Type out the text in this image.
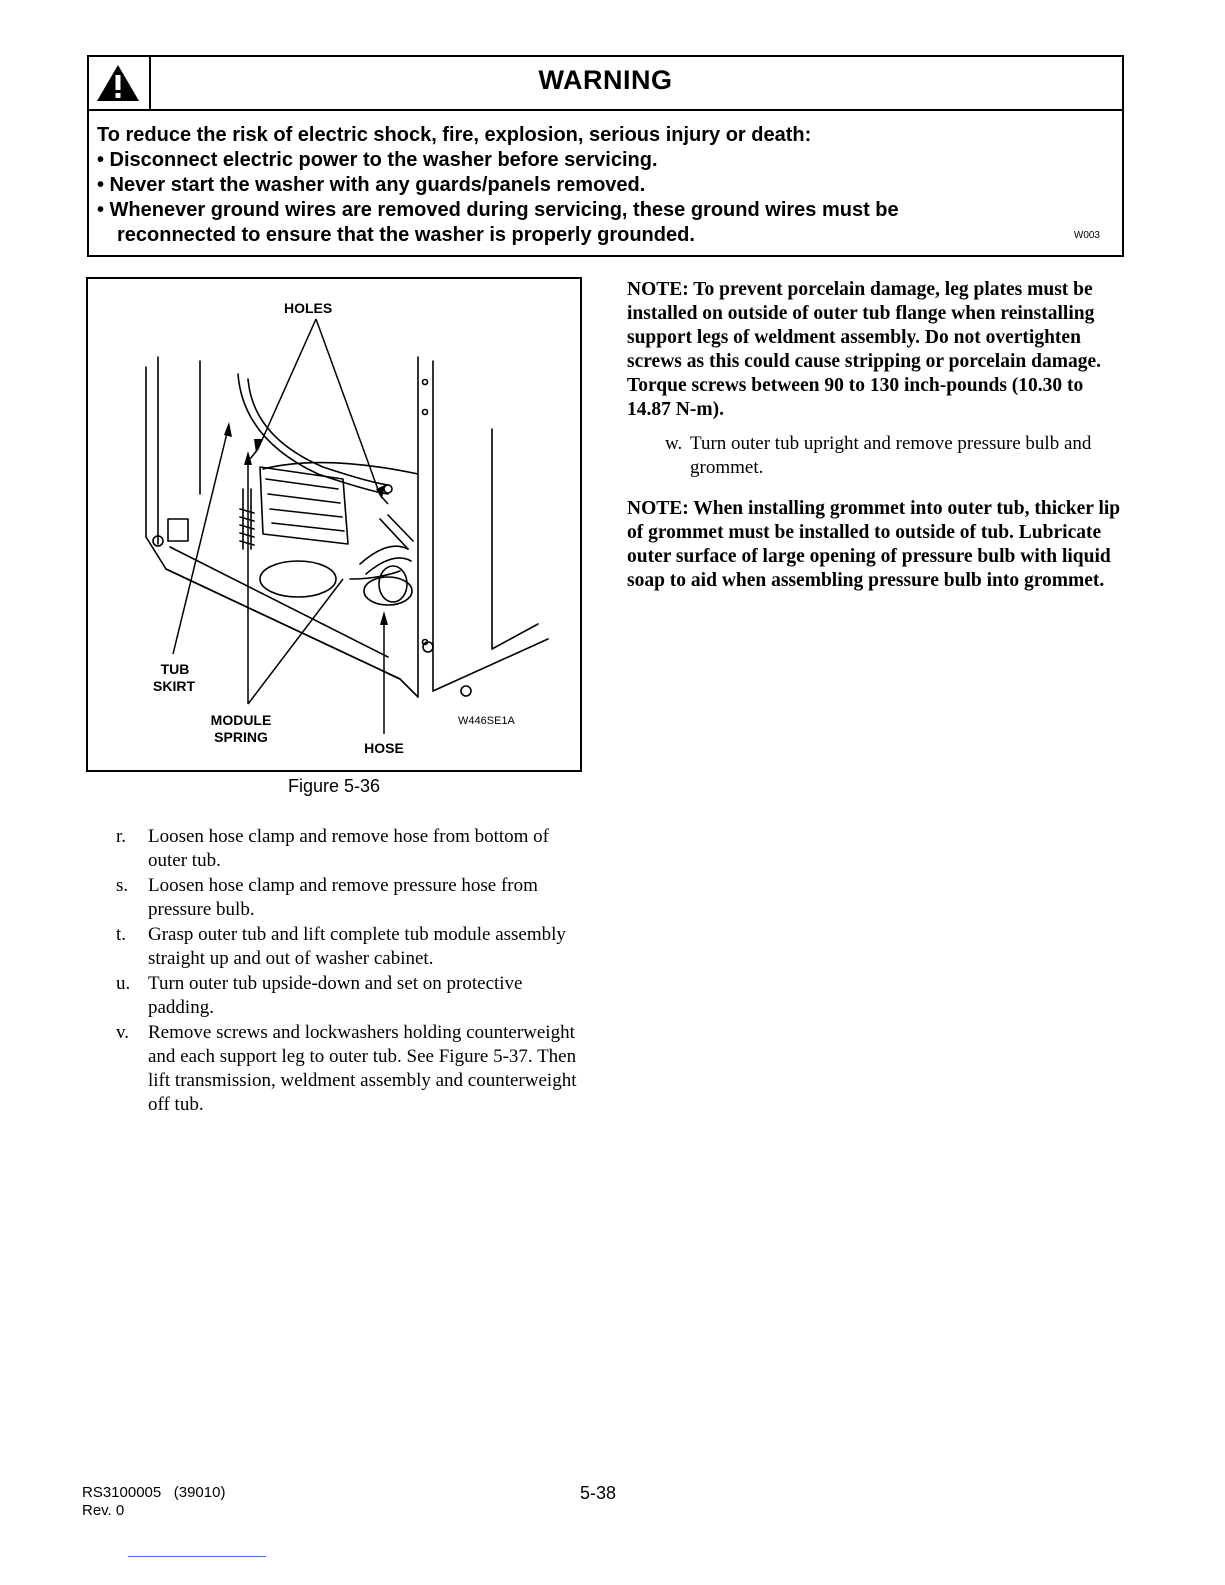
WARNING
To reduce the risk of electric shock, fire, explosion, serious injury or death:
• Disconnect electric power to the washer before servicing.
• Never start the washer with any guards/panels removed.
• Whenever ground wires are removed during servicing, these ground wires must be
reconnected to ensure that the washer is properly grounded.	W003
HOLES
TUB
SKIRT
MODULE
SPRING
HOSE
W446SE1A
Figure 5-36
r.	Loosen hose clamp and remove hose from bottom of outer tub.
s.	Loosen hose clamp and remove pressure hose from pressure bulb.
t.	Grasp outer tub and lift complete tub module assembly straight up and out of washer cabinet.
u. Turn outer tub upside-down and set on protective padding.
v. Remove screws and lockwashers holding counterweight and each support leg to outer tub. See Figure 5-37. Then lift transmission, weldment assembly and counterweight off tub.
NOTE: To prevent porcelain damage, leg plates must be installed on outside of outer tub flange when reinstalling support legs of weldment assembly. Do not overtighten screws as this could cause stripping or porcelain damage. Torque screws between 90 to 130 inch-pounds (10.30 to 14.87 N-m).
w. Turn outer tub upright and remove pressure bulb and grommet.
NOTE: When installing grommet into outer tub, thicker lip of grommet must be installed to outside of tub. Lubricate outer surface of large opening of pressure bulb with liquid soap to aid when assembling pressure bulb into grommet.
RS3100005   (39010)
Rev. 0
5-38
